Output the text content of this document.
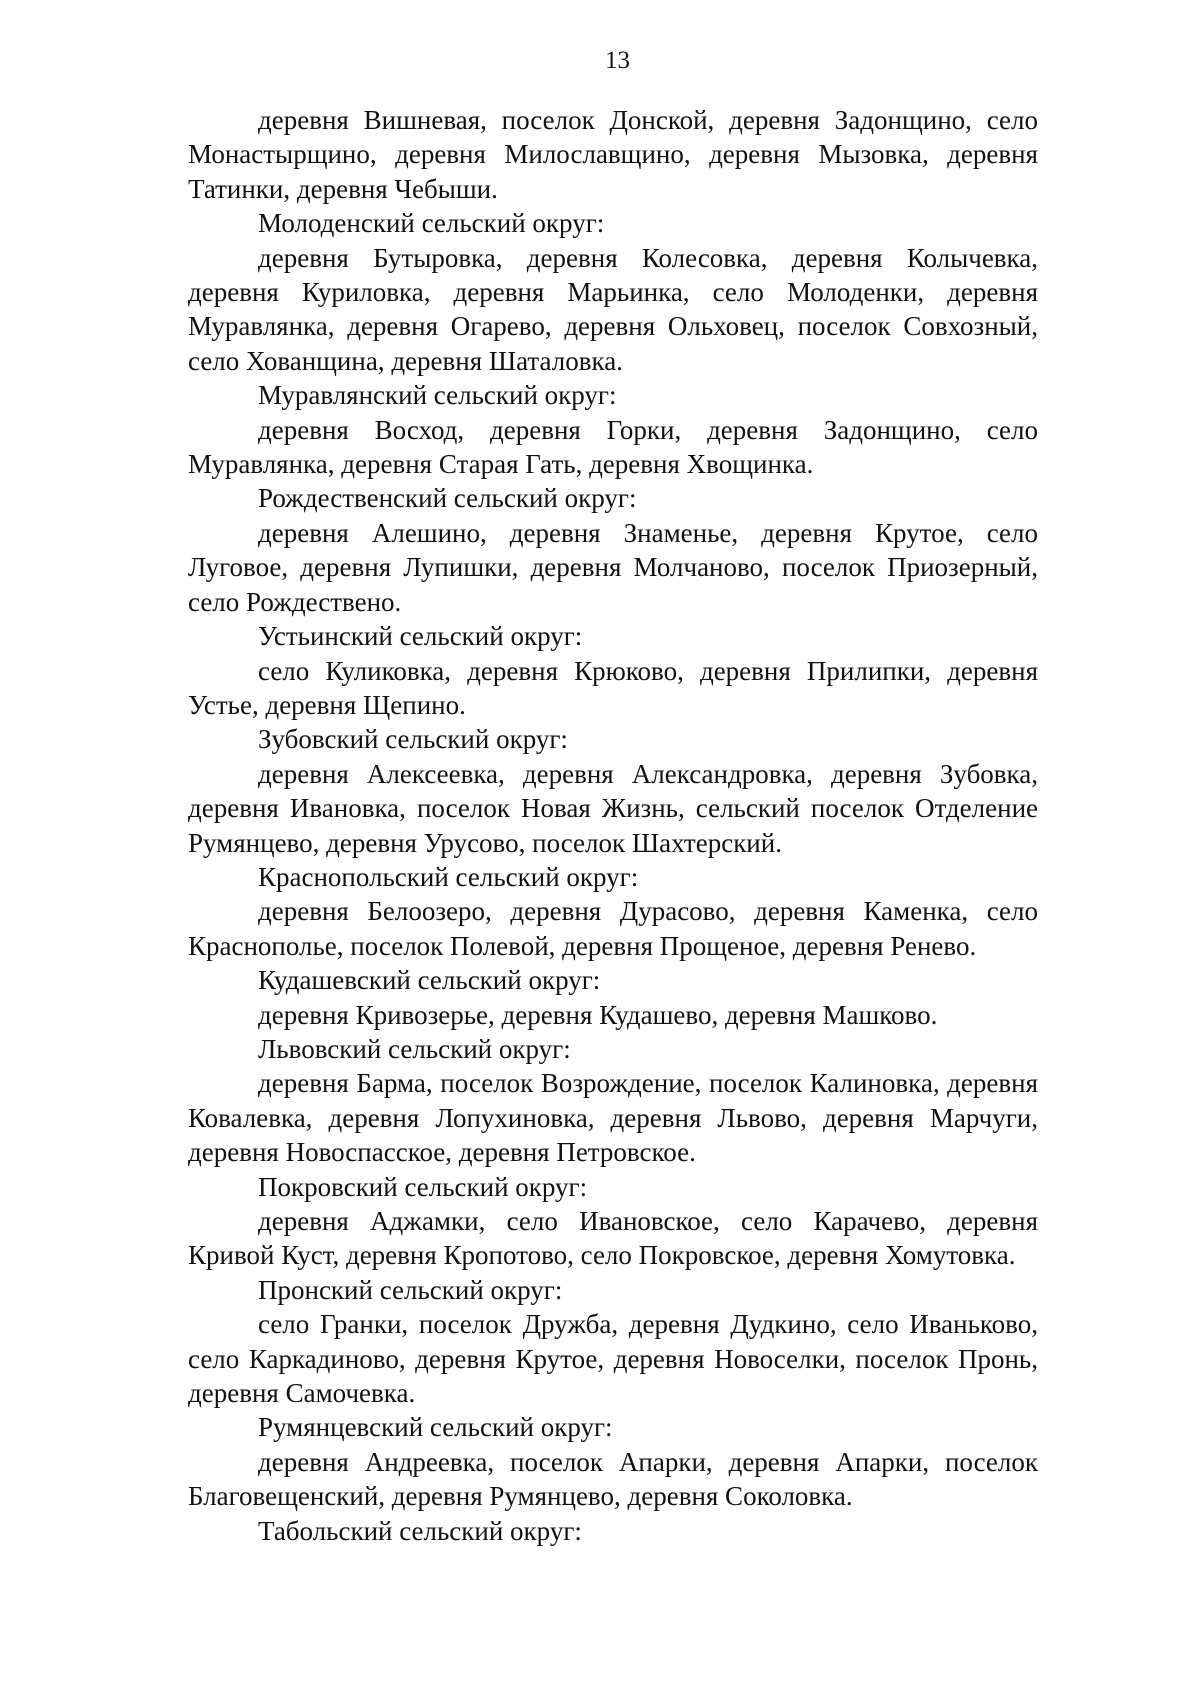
13

деревня Вишневая, поселок Донской, деревня Задонщино, село Монастырщино, деревня Милославщино, деревня Мызовка, деревня Татинки, деревня Чебыши.

Молоденский сельский округ:

деревня Бутыровка, деревня Колесовка, деревня Колычевка, деревня Куриловка, деревня Марьинка, село Молоденки, деревня Муравлянка, деревня Огарево, деревня Ольховец, поселок Совхозный, село Хованщина, деревня Шаталовка.

Муравлянский сельский округ:

деревня Восход, деревня Горки, деревня Задонщино, село Муравлянка, деревня Старая Гать, деревня Хвощинка.

Рождественский сельский округ:

деревня Алешино, деревня Знаменье, деревня Крутое, село Луговое, деревня Лупишки, деревня Молчаново, поселок Приозерный, село Рождествено.

Устьинский сельский округ:

село Куликовка, деревня Крюково, деревня Прилипки, деревня Устье, деревня Щепино.

Зубовский сельский округ:

деревня Алексеевка, деревня Александровка, деревня Зубовка, деревня Ивановка, поселок Новая Жизнь, сельский поселок Отделение Румянцево, деревня Урусово, поселок Шахтерский.

Краснопольский сельский округ:

деревня Белоозеро, деревня Дурасово, деревня Каменка, село Краснополье, поселок Полевой, деревня Прощеное, деревня Ренево.

Кудашевский сельский округ:

деревня Кривозерье, деревня Кудашево, деревня Машково.

Львовский сельский округ:

деревня Барма, поселок Возрождение, поселок Калиновка, деревня Ковалевка, деревня Лопухиновка, деревня Львово, деревня Марчуги, деревня Новоспасское, деревня Петровское.

Покровский сельский округ:

деревня Аджамки, село Ивановское, село Карачево, деревня Кривой Куст, деревня Кропотово, село Покровское, деревня Хомутовка.

Пронский сельский округ:

село Гранки, поселок Дружба, деревня Дудкино, село Иваньково, село Каркадиново, деревня Крутое, деревня Новоселки, поселок Пронь, деревня Самочевка.

Румянцевский сельский округ:

деревня Андреевка, поселок Апарки, деревня Апарки, поселок Благовещенский, деревня Румянцево, деревня Соколовка.

Табольский сельский округ:
